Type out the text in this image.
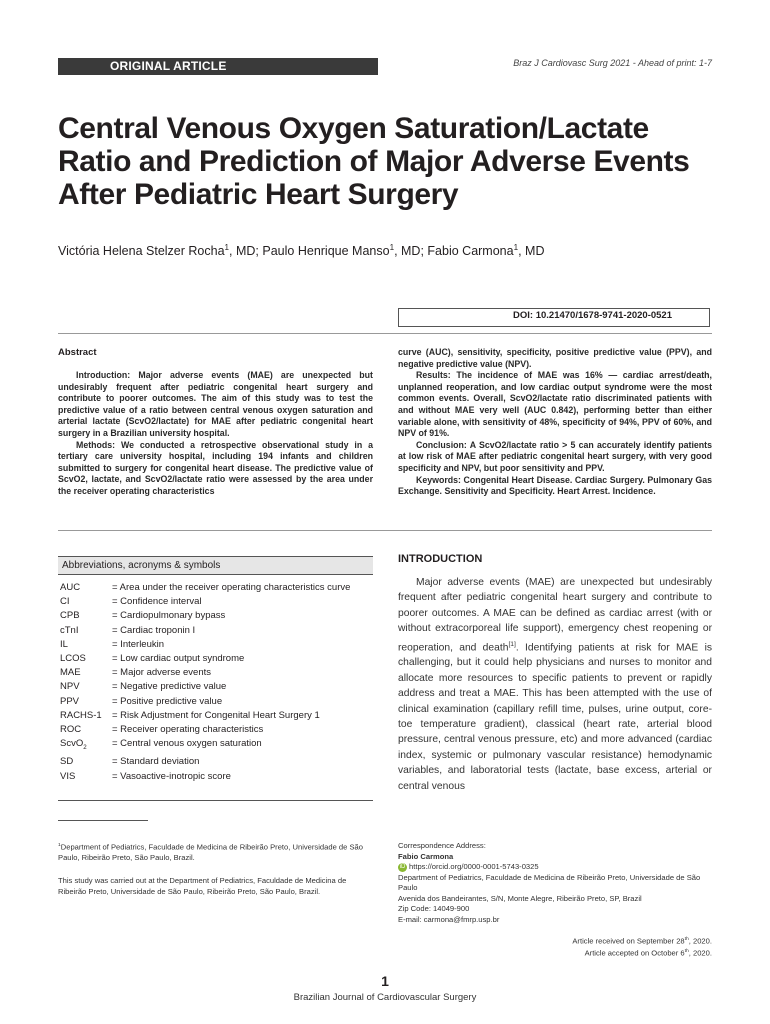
ORIGINAL ARTICLE	Braz J Cardiovasc Surg 2021 - Ahead of print: 1-7
Central Venous Oxygen Saturation/Lactate Ratio and Prediction of Major Adverse Events After Pediatric Heart Surgery
Victória Helena Stelzer Rocha$^1$, MD; Paulo Henrique Manso$^1$, MD; Fabio Carmona$^1$, MD
DOI: 10.21470/1678-9741-2020-0521
Abstract

Introduction: Major adverse events (MAE) are unexpected but undesirably frequent after pediatric congenital heart surgery and contribute to poorer outcomes. The aim of this study was to test the predictive value of a ratio between central venous oxygen saturation and arterial lactate (ScvO2/lactate) for MAE after pediatric congenital heart surgery in a Brazilian university hospital.

Methods: We conducted a retrospective observational study in a tertiary care university hospital, including 194 infants and children submitted to surgery for congenital heart disease. The predictive value of ScvO2, lactate, and ScvO2/lactate ratio were assessed by the area under the receiver operating characteristics

curve (AUC), sensitivity, specificity, positive predictive value (PPV), and negative predictive value (NPV).

Results: The incidence of MAE was 16% — cardiac arrest/death, unplanned reoperation, and low cardiac output syndrome were the most common events. Overall, ScvO2/lactate ratio discriminated patients with and without MAE very well (AUC 0.842), performing better than either variable alone, with sensitivity of 48%, specificity of 94%, PPV of 60%, and NPV of 91%.

Conclusion: A ScvO2/lactate ratio > 5 can accurately identify patients at low risk of MAE after pediatric congenital heart surgery, with very good specificity and NPV, but poor sensitivity and PPV.

Keywords: Congenital Heart Disease. Cardiac Surgery. Pulmonary Gas Exchange. Sensitivity and Specificity. Heart Arrest. Incidence.

Abbreviations, acronyms & symbols
AUC	= Area under the receiver operating characteristics curve
CI	= Confidence interval
CPB	= Cardiopulmonary bypass
cTnI	= Cardiac troponin I
IL	= Interleukin
LCOS	= Low cardiac output syndrome
MAE	= Major adverse events
NPV	= Negative predictive value
PPV	= Positive predictive value
RACHS-1	= Risk Adjustment for Congenital Heart Surgery 1
ROC	= Receiver operating characteristics
ScvO$_2$	= Central venous oxygen saturation
SD	= Standard deviation
VIS	= Vasoactive-inotropic score
INTRODUCTION

Major adverse events (MAE) are unexpected but undesirably frequent after pediatric congenital heart surgery and contribute to poorer outcomes. A MAE can be defined as cardiac arrest (with or without extracorporeal life support), emergency chest reopening or reoperation, and death[1]. Identifying patients at risk for MAE is challenging, but it could help physicians and nurses to monitor and allocate more resources to specific patients to prevent or rapidly address and treat a MAE. This has been attempted with the use of clinical examination (capillary refill time, pulses, urine output, core-toe temperature gradient), classical (heart rate, arterial blood pressure, central venous pressure, etc) and more advanced (cardiac index, systemic or pulmonary vascular resistance) hemodynamic variables, and laboratorial tests (lactate, base excess, arterial or central venous

$^1$Department of Pediatrics, Faculdade de Medicina de Ribeirão Preto, Universidade de São Paulo, Ribeirão Preto, São Paulo, Brazil.
This study was carried out at the Department of Pediatrics, Faculdade de Medicina de Ribeirão Preto, Universidade de São Paulo, Ribeirão Preto, São Paulo, Brazil.
Correspondence Address:
Fabio Carmona
iD https://orcid.org/0000-0001-5743-0325
Department of Pediatrics, Faculdade de Medicina de Ribeirão Preto, Universidade de São Paulo
Avenida dos Bandeirantes, S/N, Monte Alegre, Ribeirão Preto, SP, Brazil
Zip Code: 14049-900
E-mail: carmona@fmrp.usp.br
Article received on September 28th, 2020.
Article accepted on October 6th, 2020.
1
Brazilian Journal of Cardiovascular Surgery
